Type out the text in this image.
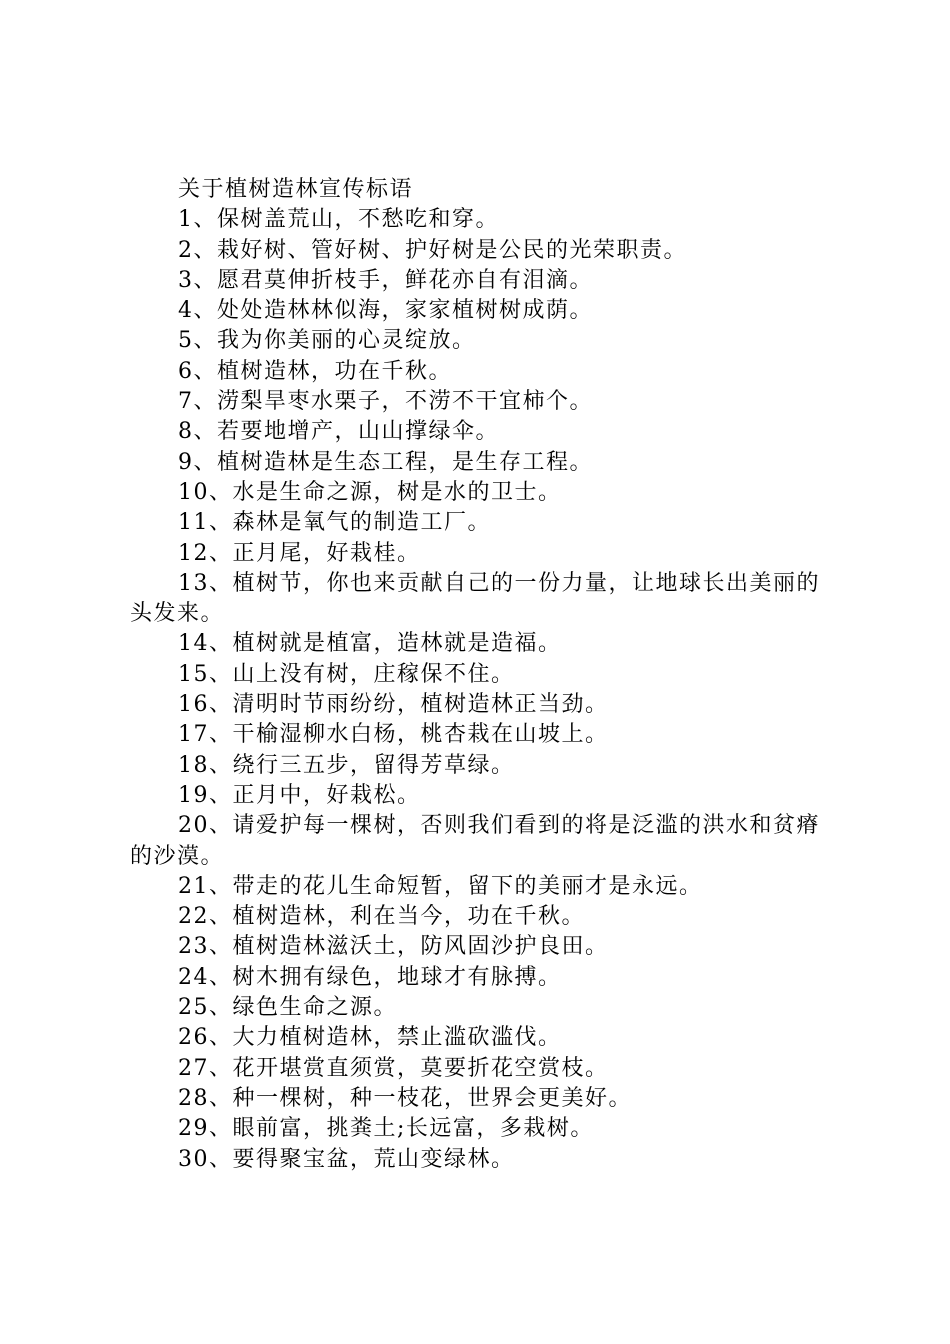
关于植树造林宣传标语

1、保树盖荒山，不愁吃和穿。

2、栽好树、管好树、护好树是公民的光荣职责。

3、愿君莫伸折枝手，鲜花亦自有泪滴。

4、处处造林林似海，家家植树树成荫。

5、我为你美丽的心灵绽放。

6、植树造林，功在千秋。

7、涝梨旱枣水栗子，不涝不干宜柿个。

8、若要地增产，山山撑绿伞。

9、植树造林是生态工程，是生存工程。

10、水是生命之源，树是水的卫士。

11、森林是氧气的制造工厂。

12、正月尾，好栽桂。

13、植树节，你也来贡献自己的一份力量，让地球长出美丽的头发来。

14、植树就是植富，造林就是造福。

15、山上没有树，庄稼保不住。

16、清明时节雨纷纷，植树造林正当劲。

17、干榆湿柳水白杨，桃杏栽在山坡上。

18、绕行三五步，留得芳草绿。

19、正月中，好栽松。

20、请爱护每一棵树，否则我们看到的将是泛滥的洪水和贫瘠的沙漠。

21、带走的花儿生命短暂，留下的美丽才是永远。

22、植树造林，利在当今，功在千秋。

23、植树造林滋沃土，防风固沙护良田。

24、树木拥有绿色，地球才有脉搏。

25、绿色生命之源。

26、大力植树造林，禁止滥砍滥伐。

27、花开堪赏直须赏，莫要折花空赏枝。

28、种一棵树，种一枝花，世界会更美好。

29、眼前富，挑粪土;长远富，多栽树。

30、要得聚宝盆，荒山变绿林。
